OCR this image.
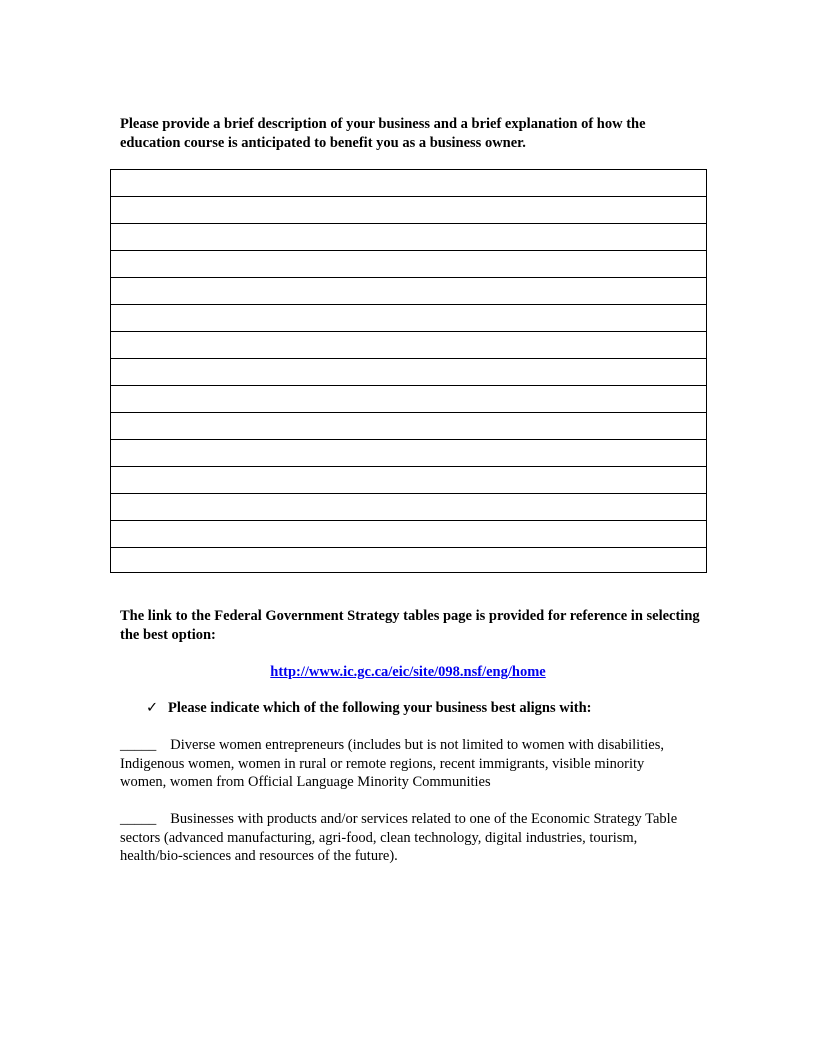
Please provide a brief description of your business and a brief explanation of how the education course is anticipated to benefit you as a business owner.

The link to the Federal Government Strategy tables page is provided for reference in selecting the best option:

http://www.ic.gc.ca/eic/site/098.nsf/eng/home

✓ Please indicate which of the following your business best aligns with:

_____ Diverse women entrepreneurs (includes but is not limited to women with disabilities, Indigenous women, women in rural or remote regions, recent immigrants, visible minority women, women from Official Language Minority Communities

_____ Businesses with products and/or services related to one of the Economic Strategy Table sectors (advanced manufacturing, agri-food, clean technology, digital industries, tourism, health/bio-sciences and resources of the future).
